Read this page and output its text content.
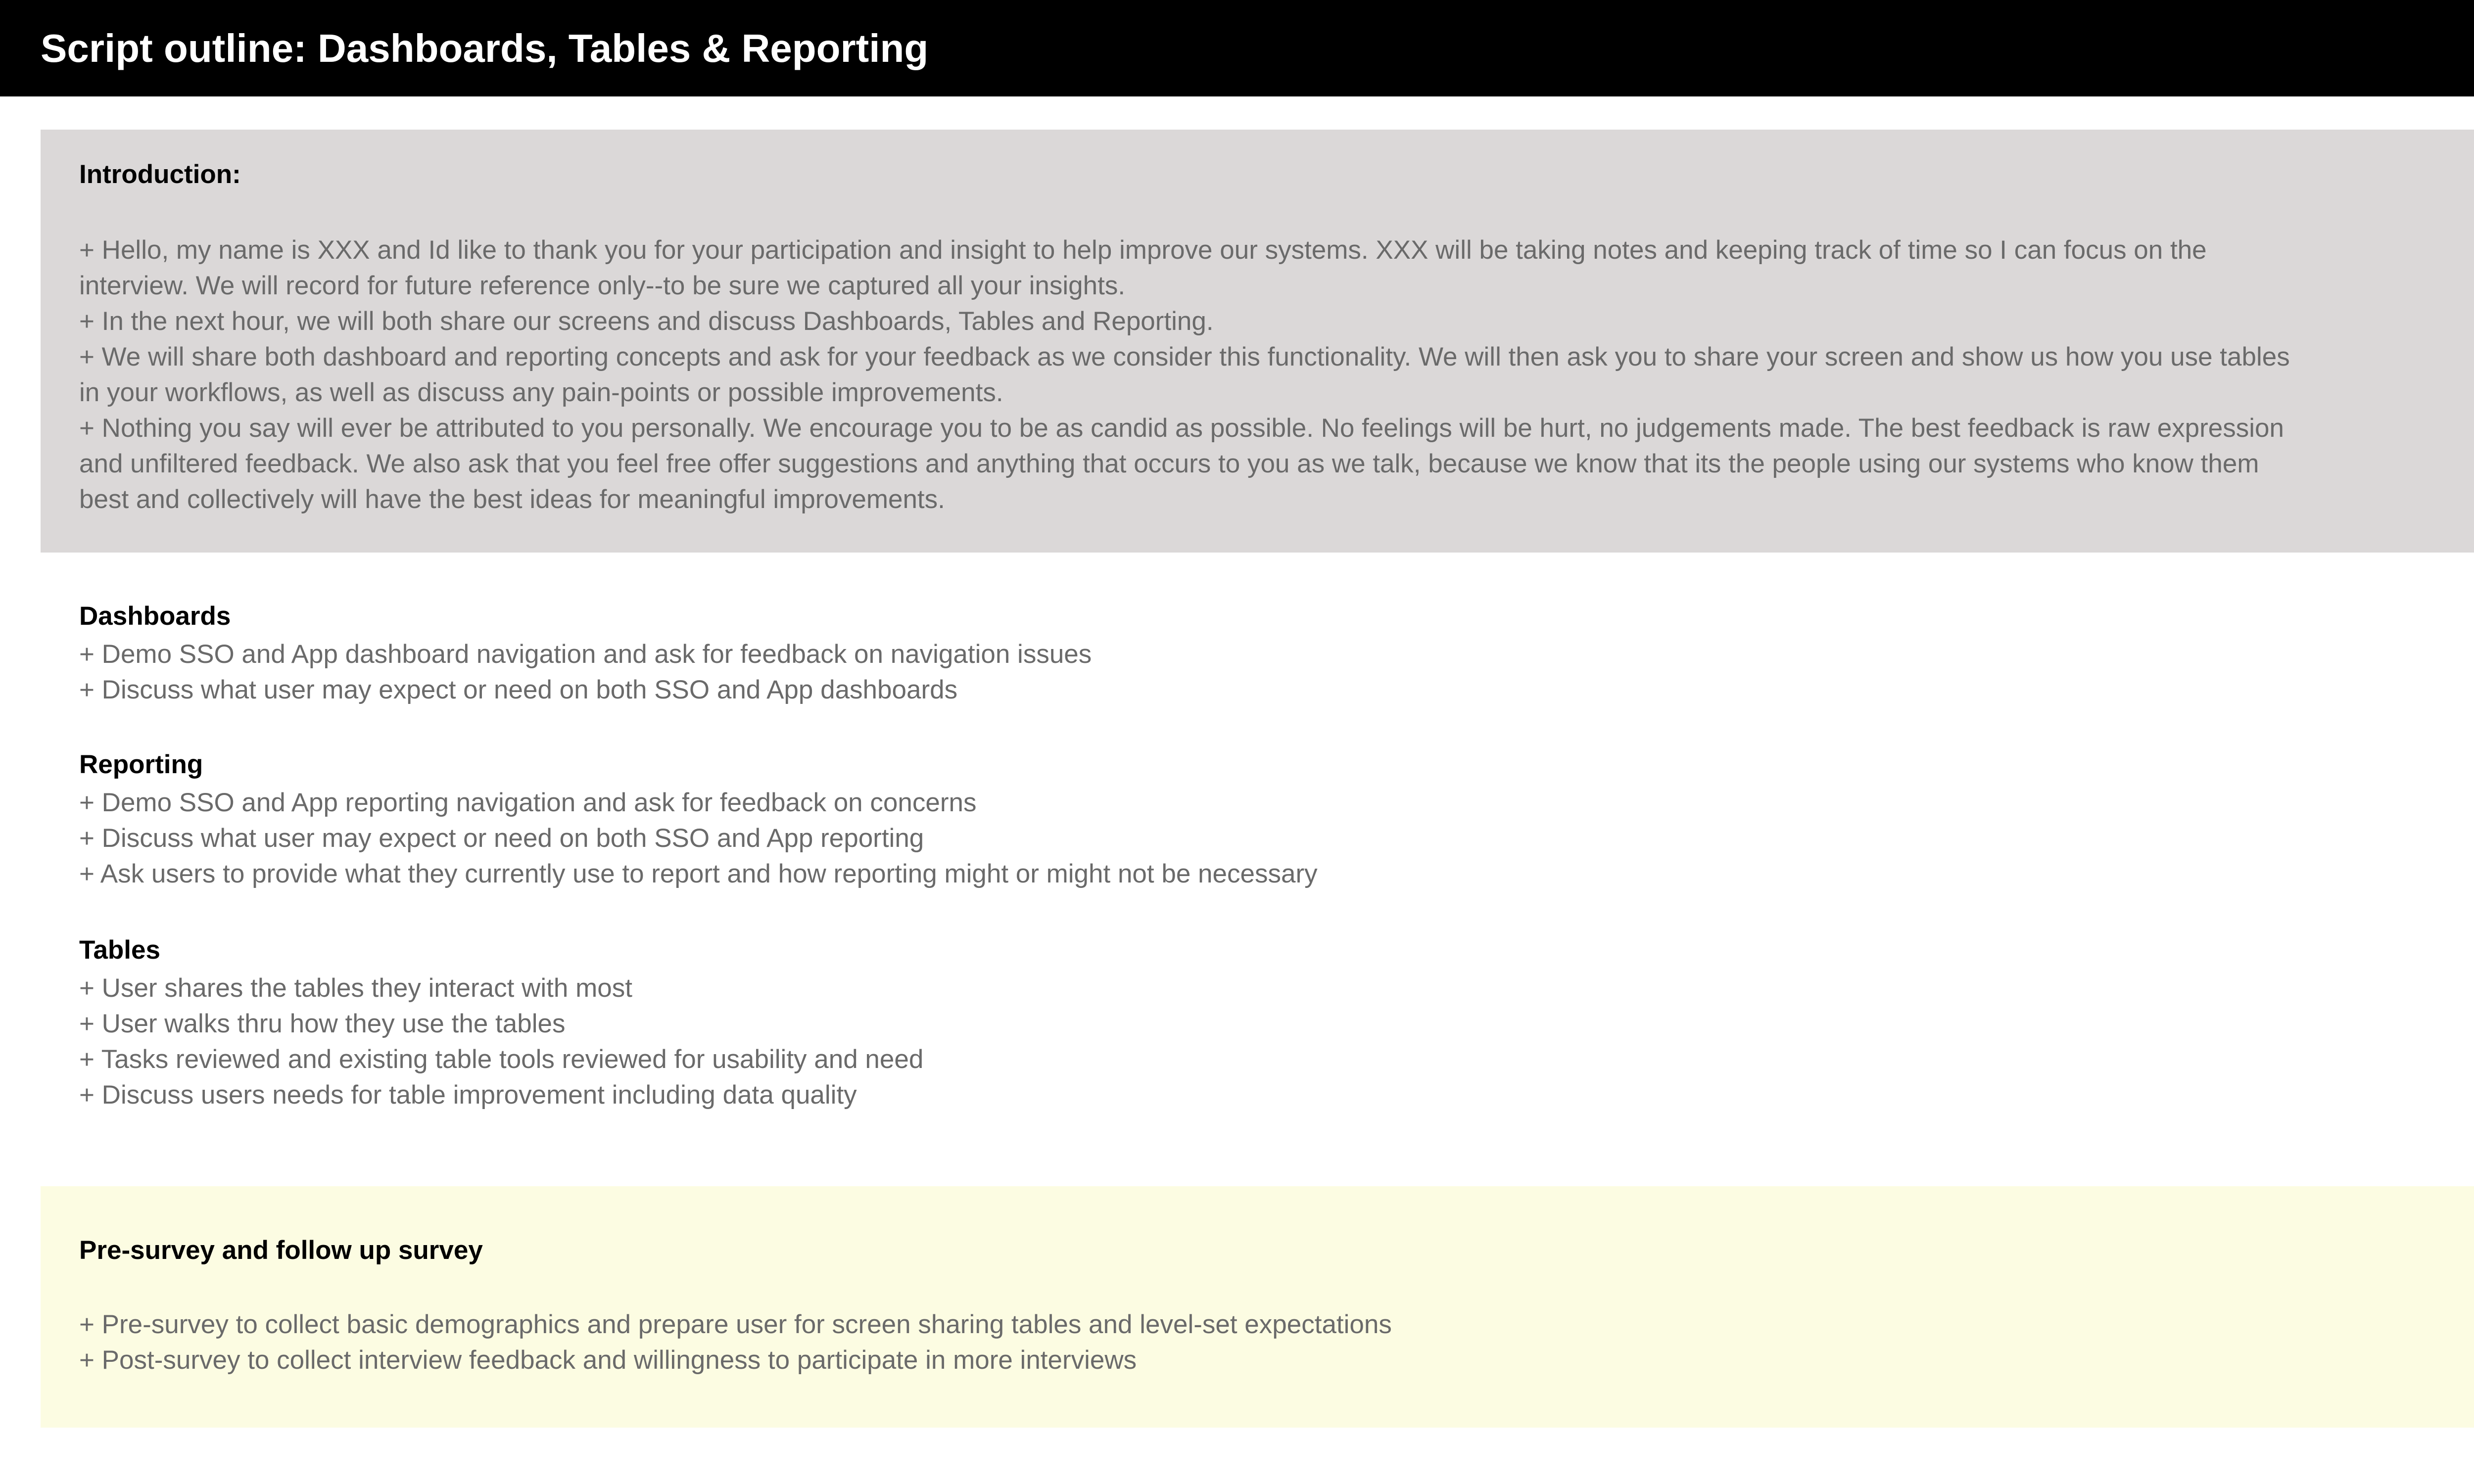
Script outline: Dashboards, Tables & Reporting
Introduction:
+ Hello, my name is XXX and Id like to thank you for your participation and insight to help improve our systems. XXX will be taking notes and keeping track of time so I can focus on the
interview. We will record for future reference only--to be sure we captured all your insights.
+ In the next hour, we will both share our screens and discuss Dashboards, Tables and Reporting.
+ We will share both dashboard and reporting concepts and ask for your feedback as we consider this functionality. We will then ask you to share your screen and show us how you use tables
in your workflows, as well as discuss any pain-points or possible improvements.
+ Nothing you say will ever be attributed to you personally. We encourage you to be as candid as possible. No feelings will be hurt, no judgements made. The best feedback is raw expression
and unfiltered feedback. We also ask that you feel free offer suggestions and anything that occurs to you as we talk, because we know that its the people using our systems who know them
best and collectively will have the best ideas for meaningful improvements.
Dashboards
+ Demo SSO and App dashboard navigation and ask for feedback on navigation issues
+ Discuss what user may expect or need on both SSO and App dashboards
Reporting
+ Demo SSO and App reporting navigation and ask for feedback on concerns
+ Discuss what user may expect or need on both SSO and App reporting
+ Ask users to provide what they currently use to report and how reporting might or might not be necessary
Tables
+ User shares the tables they interact with most
+ User walks thru how they use the tables
+ Tasks reviewed and existing table tools reviewed for usability and need
+ Discuss users needs for table improvement including data quality
Pre-survey and follow up survey
+ Pre-survey to collect basic demographics and prepare user for screen sharing tables and level-set expectations
+ Post-survey to collect interview feedback and willingness to participate in more interviews
